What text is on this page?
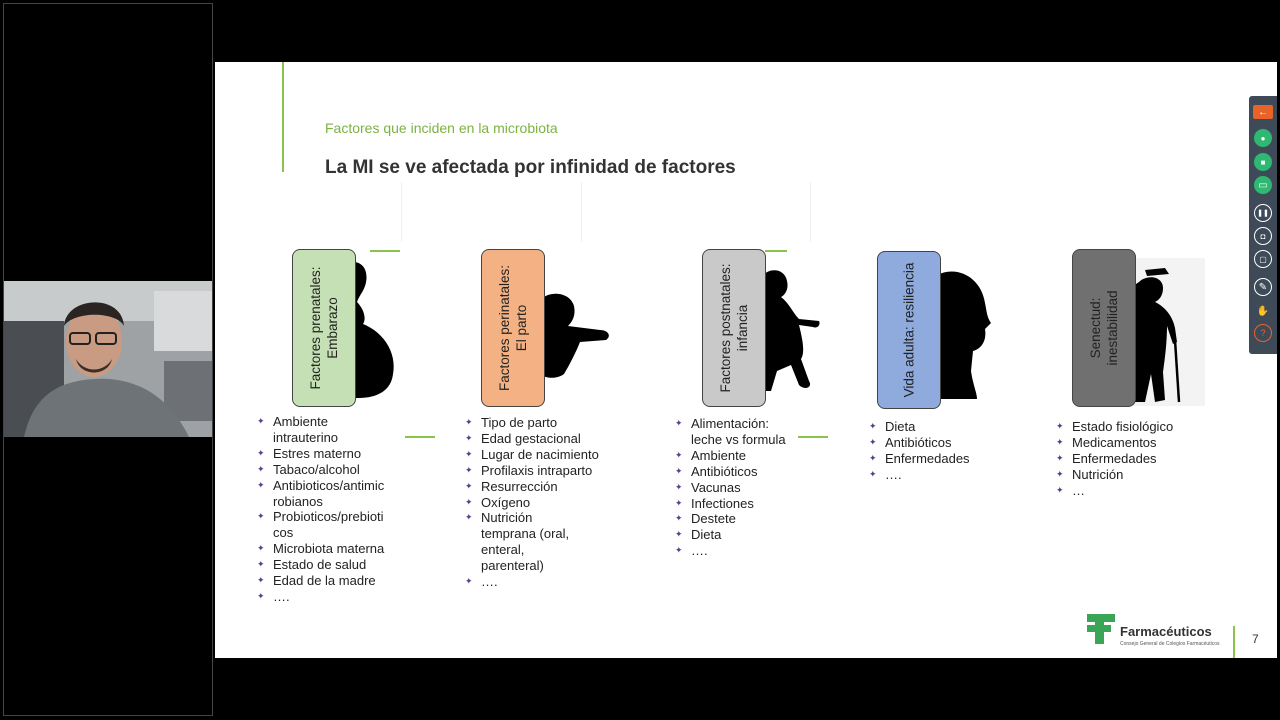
Factores que inciden en la microbiota
La MI se ve afectada por infinidad de factores
Factores prenatales: Embarazo
✦ Ambiente intrauterino
✦ Estres materno
✦ Tabaco/alcohol
✦ Antibioticos/antimic robianos
✦ Probioticos/prebioti cos
✦ Microbiota materna
✦ Estado de salud
✦ Edad de la madre
✦ ….
Factores perinatales: El parto
✦ Tipo de parto
✦ Edad gestacional
✦ Lugar de nacimiento
✦ Profilaxis intraparto
✦ Resurrección
✦ Oxígeno
✦ Nutrición temprana (oral, enteral, parenteral)
✦ ….
Factores postnatales: infancia
✦ Alimentación: leche vs formula
✦ Ambiente
✦ Antibióticos
✦ Vacunas
✦ Infectiones
✦ Destete
✦ Dieta
✦ ….
Vida adulta: resiliencia
✦ Dieta
✦ Antibióticos
✦ Enfermedades
✦ ….
Senectud: inestabilidad
✦ Estado fisiológico
✦ Medicamentos
✦ Enfermedades
✦ Nutrición
✦ …
Farmacéuticos
Consejo General de Colegios Farmacéuticos	7
←
●
■
▭
❚❚
◘
▢
✎
✋
?
